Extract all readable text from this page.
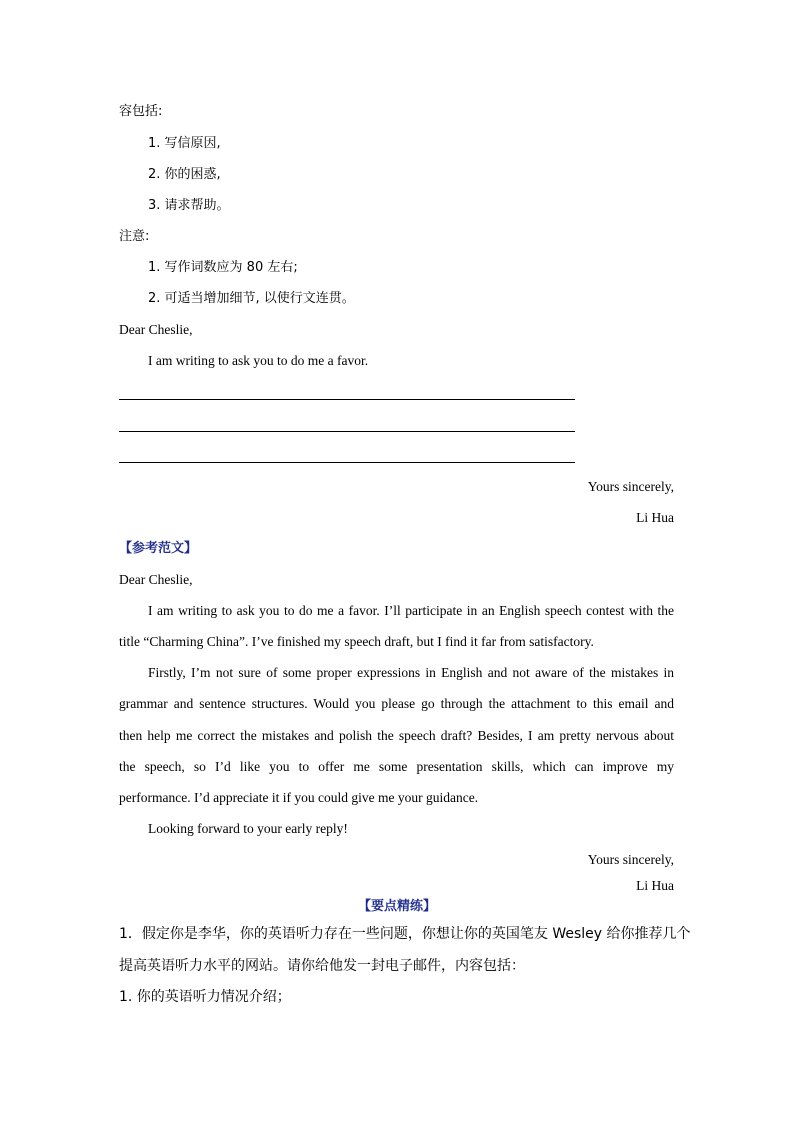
容包括:
1. 写信原因,
2. 你的困惑,
3. 请求帮助。
注意:
1. 写作词数应为 80 左右;
2. 可适当增加细节, 以使行文连贯。
Dear Cheslie,
I am writing to ask you to do me a favor.
Yours sincerely,
Li Hua
【参考范文】
Dear Cheslie,
I am writing to ask you to do me a favor. I’ll participate in an English speech contest with the
title “Charming China”. I’ve finished my speech draft, but I find it far from satisfactory.
Firstly, I’m not sure of some proper expressions in English and not aware of the mistakes in
grammar and sentence structures. Would you please go through the attachment to this email and
then help me correct the mistakes and polish the speech draft? Besides, I am pretty nervous about
the speech, so I’d like you to offer me some presentation skills, which can improve my
performance. I’d appreciate it if you could give me your guidance.
Looking forward to your early reply!
Yours sincerely,
Li Hua
【要点精练】
1．假定你是李华，你的英语听力存在一些问题，你想让你的英国笔友 Wesley 给你推荐几个
提高英语听力水平的网站。请你给他发一封电子邮件，内容包括：
1. 你的英语听力情况介绍；
